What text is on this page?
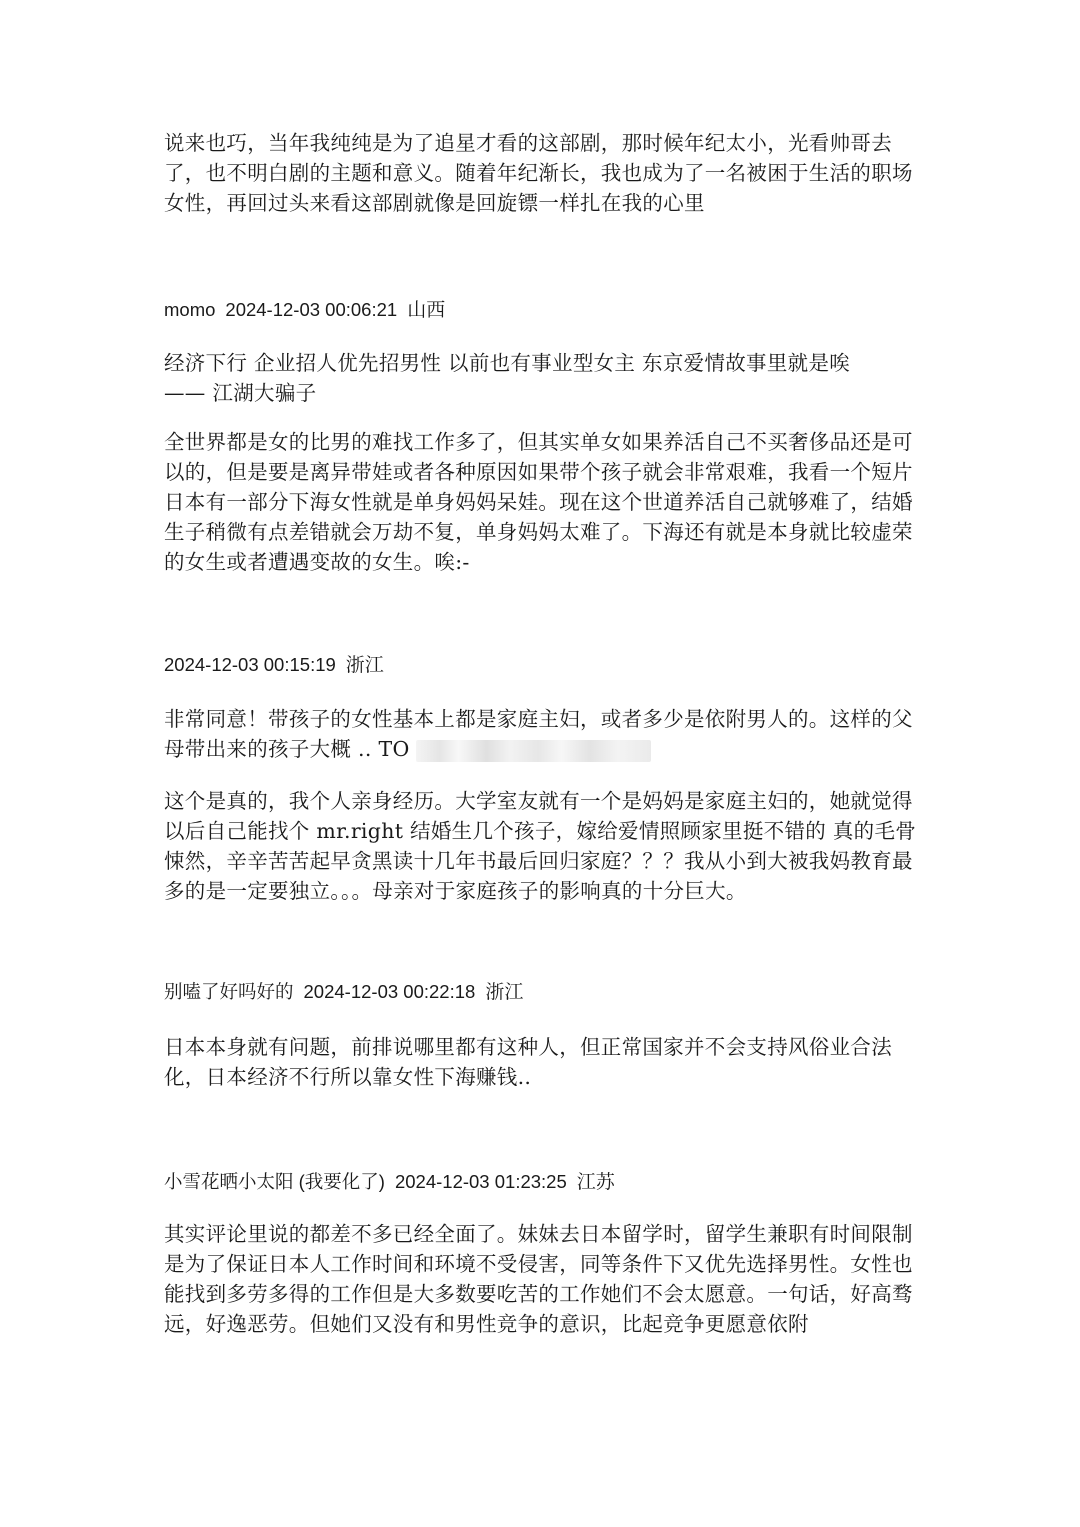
说来也巧，当年我纯纯是为了追星才看的这部剧，那时候年纪太小，光看帅哥去了，也不明白剧的主题和意义。随着年纪渐长，我也成为了一名被困于生活的职场女性，再回过头来看这部剧就像是回旋镖一样扎在我的心里

momo 2024-12-03 00:06:21 山西

经济下行 企业招人优先招男性 以前也有事业型女主 东京爱情故事里就是唉
—— 江湖大骗子

全世界都是女的比男的难找工作多了，但其实单女如果养活自己不买奢侈品还是可以的，但是要是离异带娃或者各种原因如果带个孩子就会非常艰难，我看一个短片日本有一部分下海女性就是单身妈妈呆娃。现在这个世道养活自己就够难了，结婚生子稍微有点差错就会万劫不复，单身妈妈太难了。下海还有就是本身就比较虚荣的女生或者遭遇变故的女生。唉:-

2024-12-03 00:15:19 浙江

非常同意！带孩子的女性基本上都是家庭主妇，或者多少是依附男人的。这样的父母带出来的孩子大概 .. TO

这个是真的，我个人亲身经历。大学室友就有一个是妈妈是家庭主妇的，她就觉得以后自己能找个 mr.right 结婚生几个孩子，嫁给爱情照顾家里挺不错的 真的毛骨悚然，辛辛苦苦起早贪黑读十几年书最后回归家庭？？？我从小到大被我妈教育最多的是一定要独立。。。母亲对于家庭孩子的影响真的十分巨大。

别嗑了好吗好的 2024-12-03 00:22:18 浙江

日本本身就有问题，前排说哪里都有这种人，但正常国家并不会支持风俗业合法化，日本经济不行所以靠女性下海赚钱..

小雪花晒小太阳 (我要化了) 2024-12-03 01:23:25 江苏

其实评论里说的都差不多已经全面了。妹妹去日本留学时，留学生兼职有时间限制是为了保证日本人工作时间和环境不受侵害，同等条件下又优先选择男性。女性也能找到多劳多得的工作但是大多数要吃苦的工作她们不会太愿意。一句话，好高骛远，好逸恶劳。但她们又没有和男性竞争的意识，比起竞争更愿意依附
